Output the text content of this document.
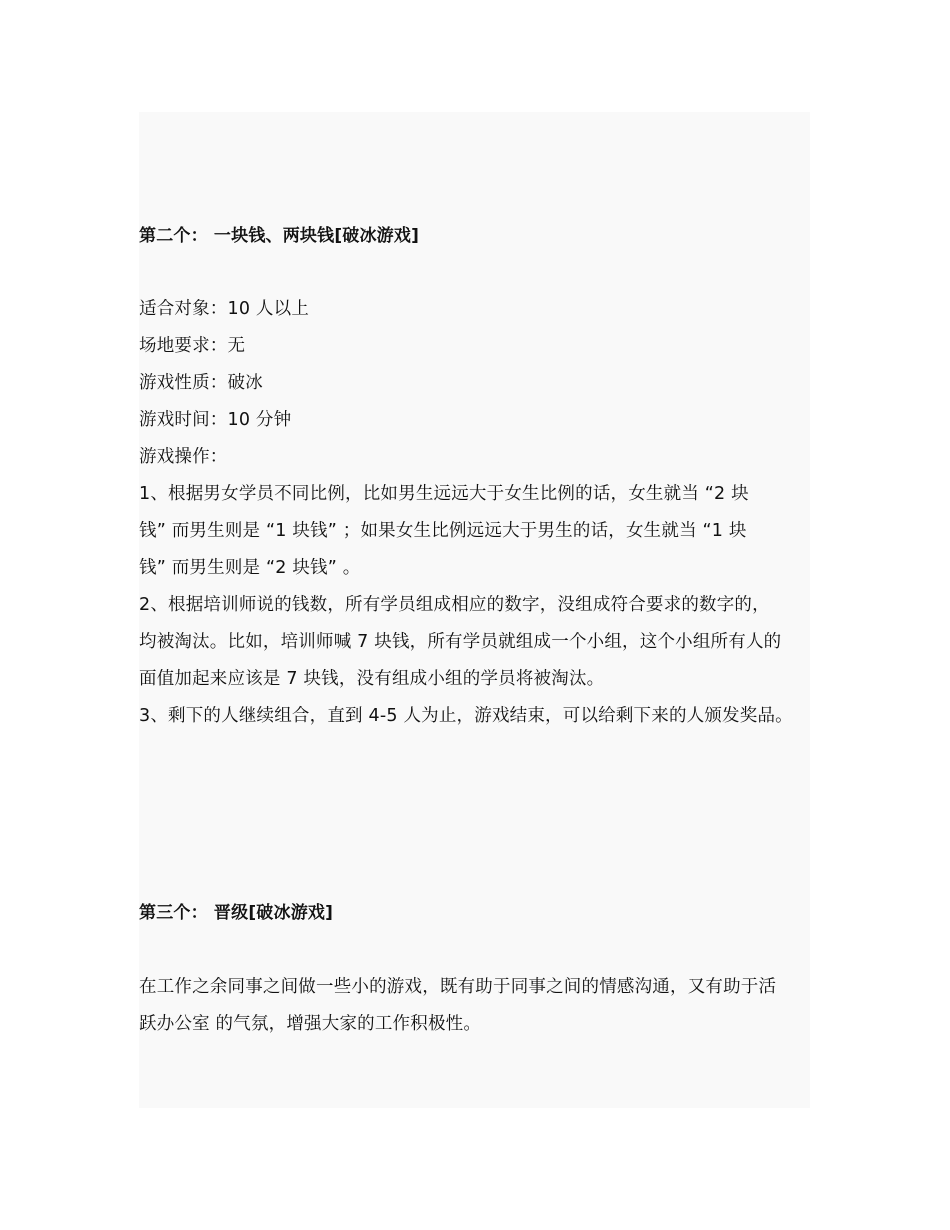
第二个： 一块钱、两块钱[破冰游戏]
适合对象：10 人以上
场地要求：无
游戏性质：破冰
游戏时间：10 分钟
游戏操作：
1、根据男女学员不同比例，比如男生远远大于女生比例的话，女生就当 “2 块
钱” 而男生则是 “1 块钱” ；如果女生比例远远大于男生的话，女生就当 “1 块
钱” 而男生则是 “2 块钱” 。
2、根据培训师说的钱数，所有学员组成相应的数字，没组成符合要求的数字的，
均被淘汰。比如，培训师喊 7 块钱，所有学员就组成一个小组，这个小组所有人的
面值加起来应该是 7 块钱，没有组成小组的学员将被淘汰。
3、剩下的人继续组合，直到 4-5 人为止，游戏结束，可以给剩下来的人颁发奖品。
第三个： 晋级[破冰游戏]
在工作之余同事之间做一些小的游戏，既有助于同事之间的情感沟通，又有助于活
跃办公室 的气氛，增强大家的工作积极性。
